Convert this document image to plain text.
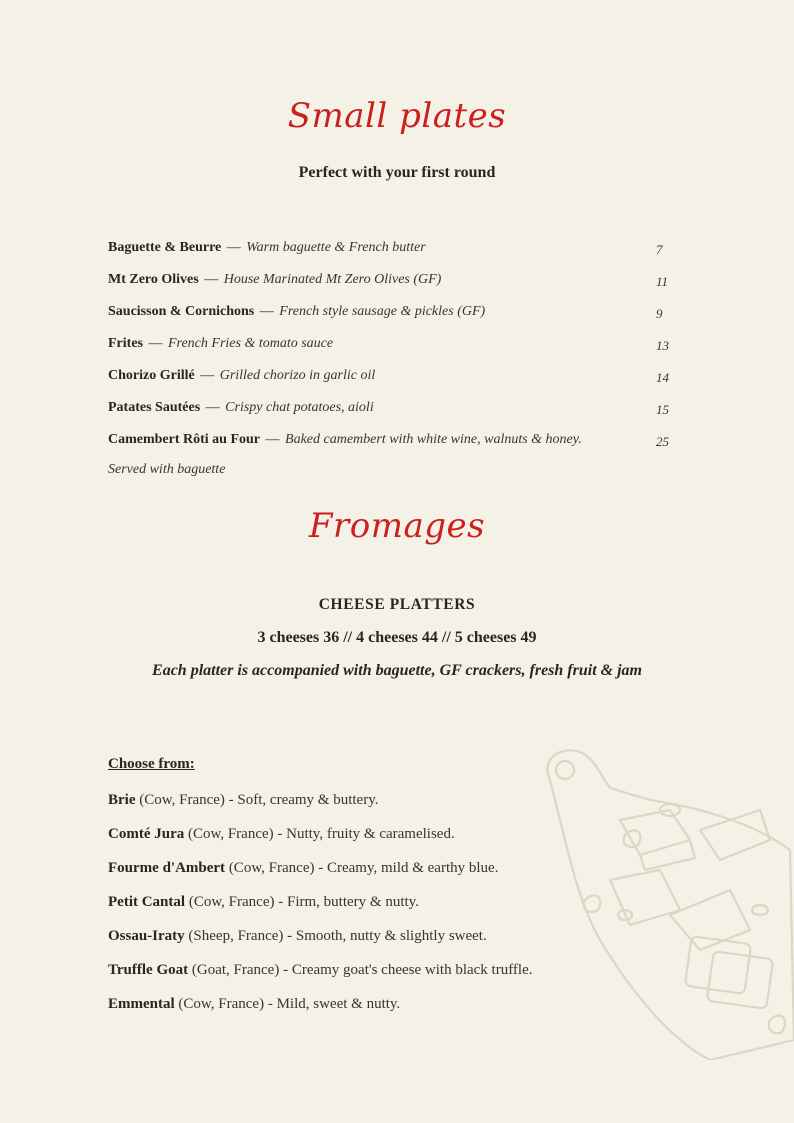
Small plates
Perfect with your first round
Baguette & Beurre — Warm baguette & French butter	7
Mt Zero Olives — House Marinated Mt Zero Olives (GF)	11
Saucisson & Cornichons — French style sausage & pickles (GF)	9
Frites — French Fries & tomato sauce	13
Chorizo Grillé — Grilled chorizo in garlic oil	14
Patates Sautées — Crispy chat potatoes, aioli	15
Camembert Rôti au Four — Baked camembert with white wine, walnuts & honey.	25
Served with baguette
Fromages
CHEESE PLATTERS
3 cheeses 36 // 4 cheeses 44 // 5 cheeses 49
Each platter is accompanied with baguette, GF crackers, fresh fruit & jam
Choose from:
Brie (Cow, France) - Soft, creamy & buttery.
Comté Jura (Cow, France) - Nutty, fruity & caramelised.
Fourme d'Ambert (Cow, France) - Creamy, mild & earthy blue.
Petit Cantal (Cow, France) - Firm, buttery & nutty.
Ossau-Iraty (Sheep, France) - Smooth, nutty & slightly sweet.
Truffle Goat (Goat, France) - Creamy goat's cheese with black truffle.
Emmental (Cow, France) - Mild, sweet & nutty.
